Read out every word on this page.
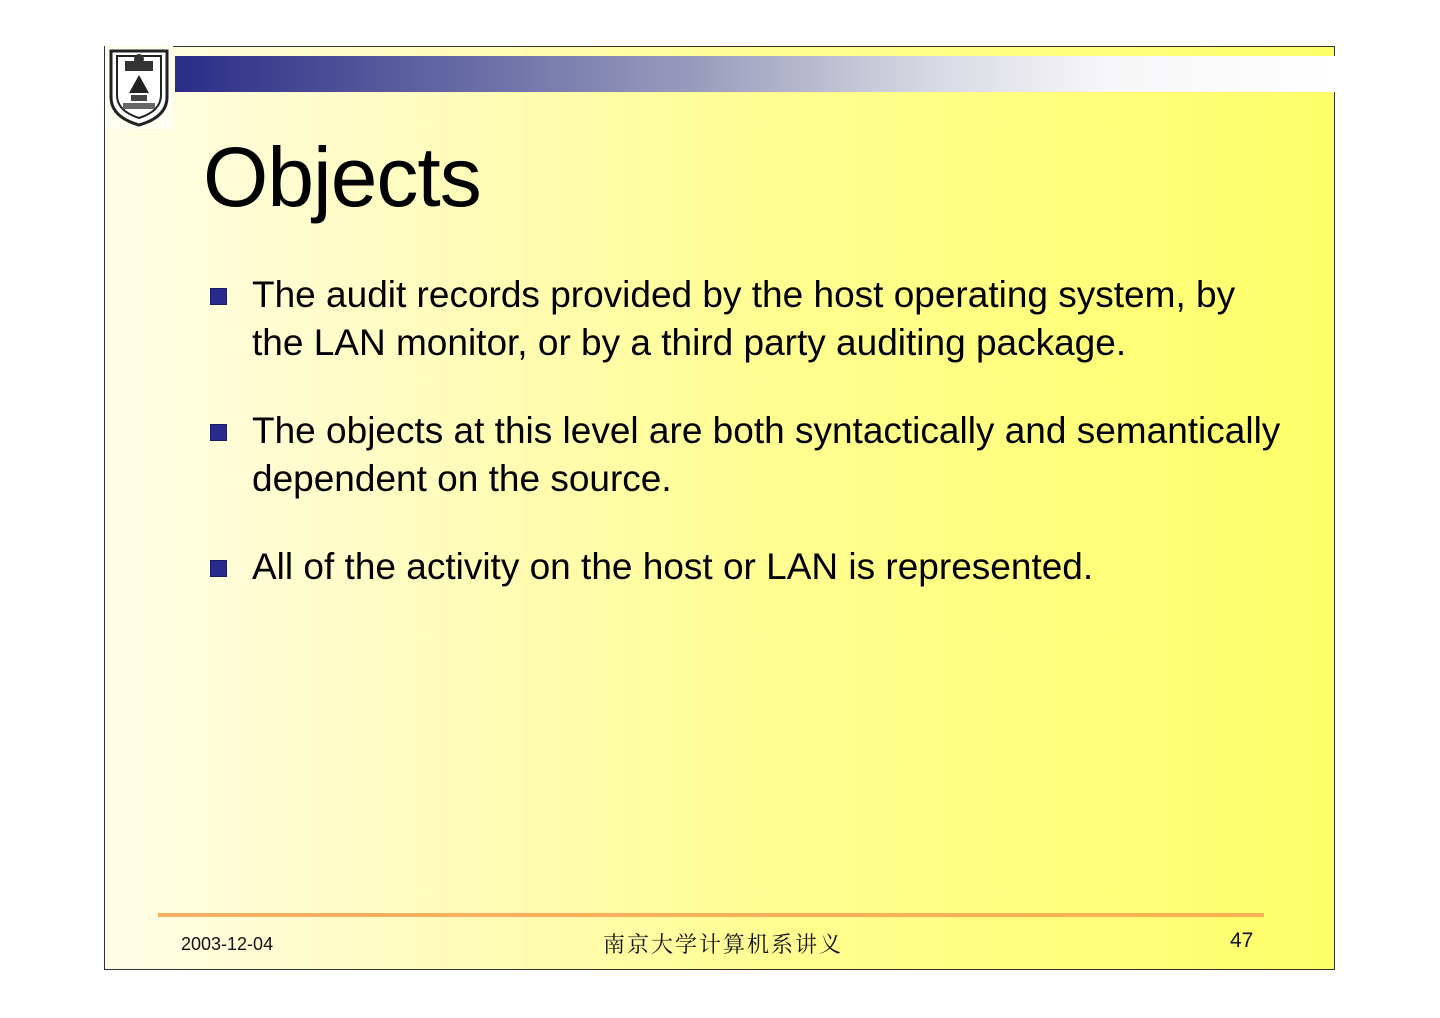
Objects
The audit records provided by the host operating system, by the LAN monitor, or by a third party auditing package.
The objects at this level are both syntactically and semantically dependent on the source.
All of the activity on the host or LAN is represented.
2003-12-04	南京大学计算机系讲义	47
